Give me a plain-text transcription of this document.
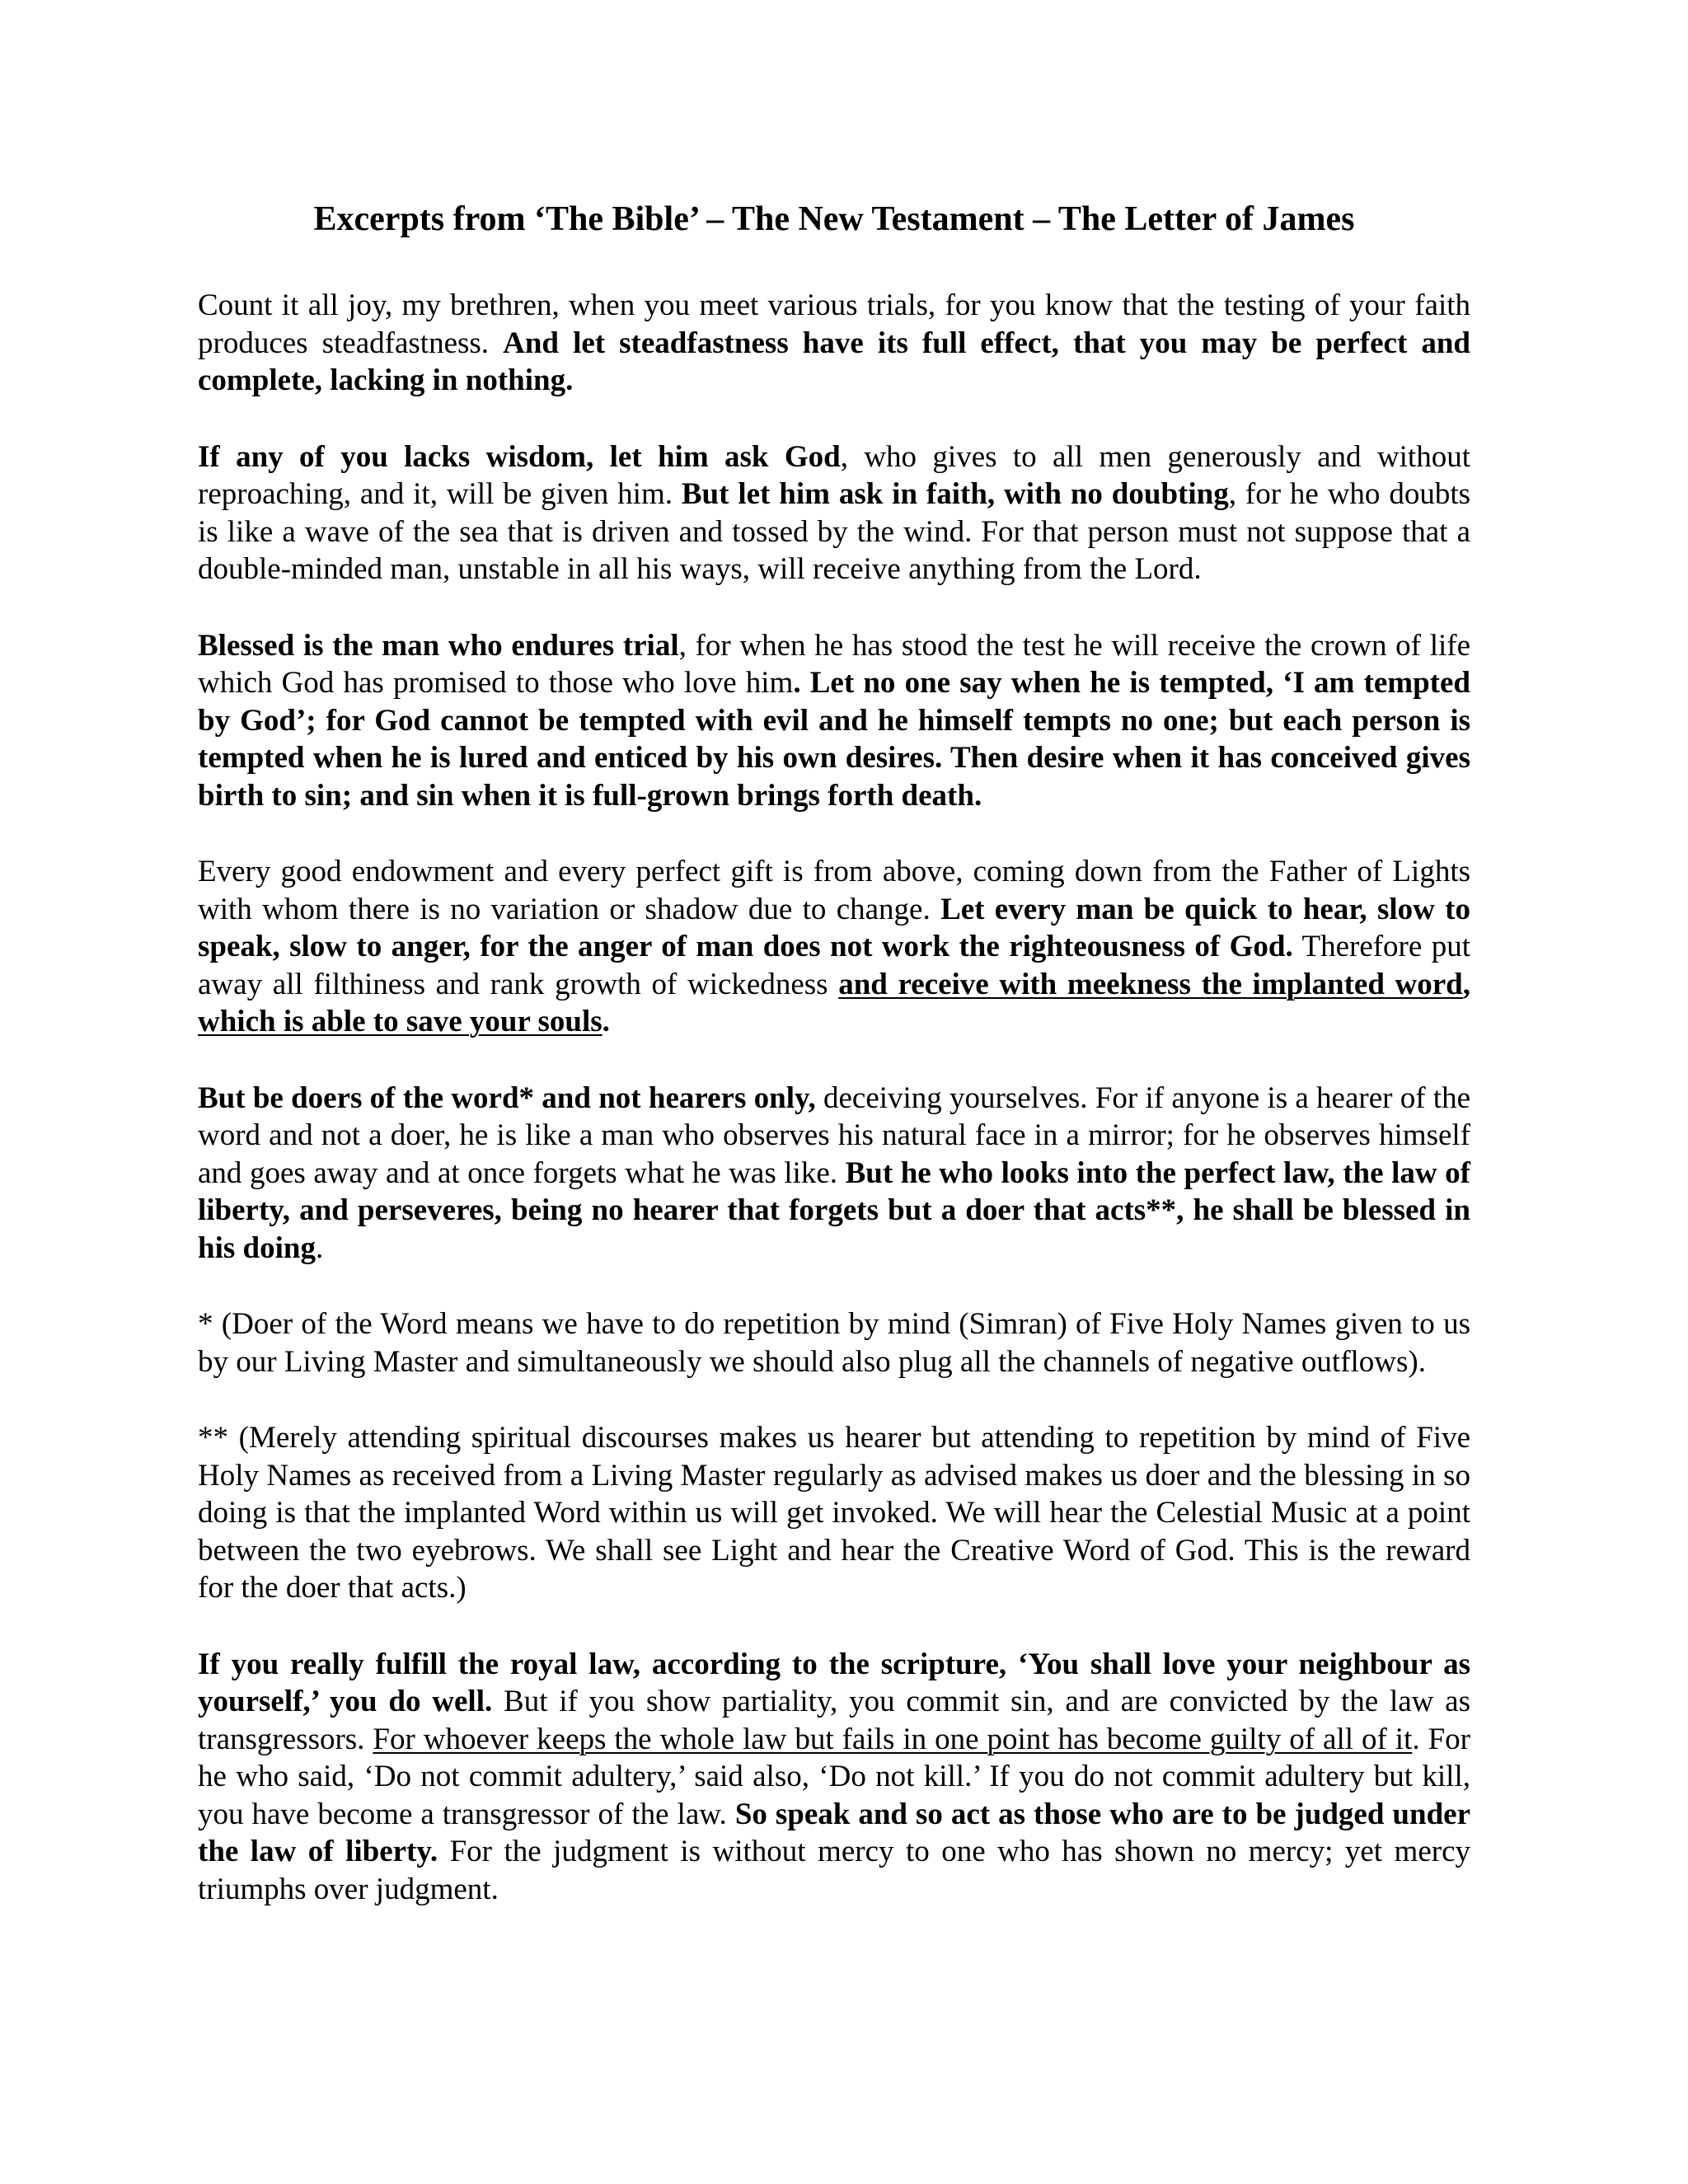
Excerpts from ‘The Bible’ – The New Testament – The Letter of James

Count it all joy, my brethren, when you meet various trials, for you know that the testing of your faith produces steadfastness. And let steadfastness have its full effect, that you may be perfect and complete, lacking in nothing.

If any of you lacks wisdom, let him ask God, who gives to all men generously and without reproaching, and it, will be given him. But let him ask in faith, with no doubting, for he who doubts is like a wave of the sea that is driven and tossed by the wind. For that person must not suppose that a double-minded man, unstable in all his ways, will receive anything from the Lord.

Blessed is the man who endures trial, for when he has stood the test he will receive the crown of life which God has promised to those who love him. Let no one say when he is tempted, ‘I am tempted by God’; for God cannot be tempted with evil and he himself tempts no one; but each person is tempted when he is lured and enticed by his own desires. Then desire when it has conceived gives birth to sin; and sin when it is full-grown brings forth death.

Every good endowment and every perfect gift is from above, coming down from the Father of Lights with whom there is no variation or shadow due to change. Let every man be quick to hear, slow to speak, slow to anger, for the anger of man does not work the righteousness of God. Therefore put away all filthiness and rank growth of wickedness and receive with meekness the implanted word, which is able to save your souls.

But be doers of the word* and not hearers only, deceiving yourselves. For if anyone is a hearer of the word and not a doer, he is like a man who observes his natural face in a mirror; for he observes himself and goes away and at once forgets what he was like. But he who looks into the perfect law, the law of liberty, and perseveres, being no hearer that forgets but a doer that acts**, he shall be blessed in his doing.

* (Doer of the Word means we have to do repetition by mind (Simran) of Five Holy Names given to us by our Living Master and simultaneously we should also plug all the channels of negative outflows).

** (Merely attending spiritual discourses makes us hearer but attending to repetition by mind of Five Holy Names as received from a Living Master regularly as advised makes us doer and the blessing in so doing is that the implanted Word within us will get invoked. We will hear the Celestial Music at a point between the two eyebrows. We shall see Light and hear the Creative Word of God. This is the reward for the doer that acts.)

If you really fulfill the royal law, according to the scripture, ‘You shall love your neighbour as yourself,’ you do well. But if you show partiality, you commit sin, and are convicted by the law as transgressors. For whoever keeps the whole law but fails in one point has become guilty of all of it. For he who said, ‘Do not commit adultery,’ said also, ‘Do not kill.’ If you do not commit adultery but kill, you have become a transgressor of the law. So speak and so act as those who are to be judged under the law of liberty. For the judgment is without mercy to one who has shown no mercy; yet mercy triumphs over judgment.
